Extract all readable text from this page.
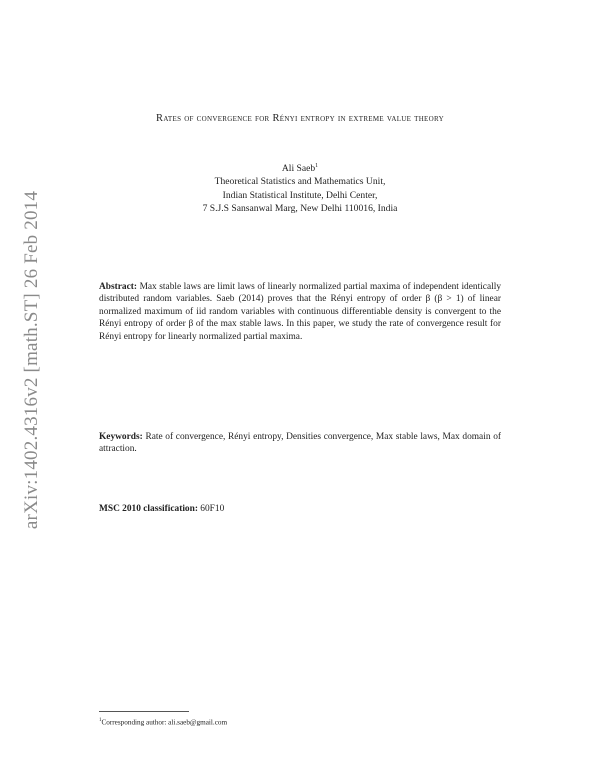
arXiv:1402.4316v2 [math.ST] 26 Feb 2014
Rates of convergence for Rényi entropy in extreme value theory
Ali Saeb$^1$
Theoretical Statistics and Mathematics Unit,
Indian Statistical Institute, Delhi Center,
7 S.J.S Sansanwal Marg, New Delhi 110016, India
Abstract: Max stable laws are limit laws of linearly normalized partial maxima of independent identically distributed random variables. Saeb (2014) proves that the Rényi entropy of order β (β > 1) of linear normalized maximum of iid random variables with continuous differentiable density is convergent to the Rényi entropy of order β of the max stable laws. In this paper, we study the rate of convergence result for Rényi entropy for linearly normalized partial maxima.
Keywords: Rate of convergence, Rényi entropy, Densities convergence, Max stable laws, Max domain of attraction.
MSC 2010 classification: 60F10
$^1$Corresponding author: ali.saeb@gmail.com
